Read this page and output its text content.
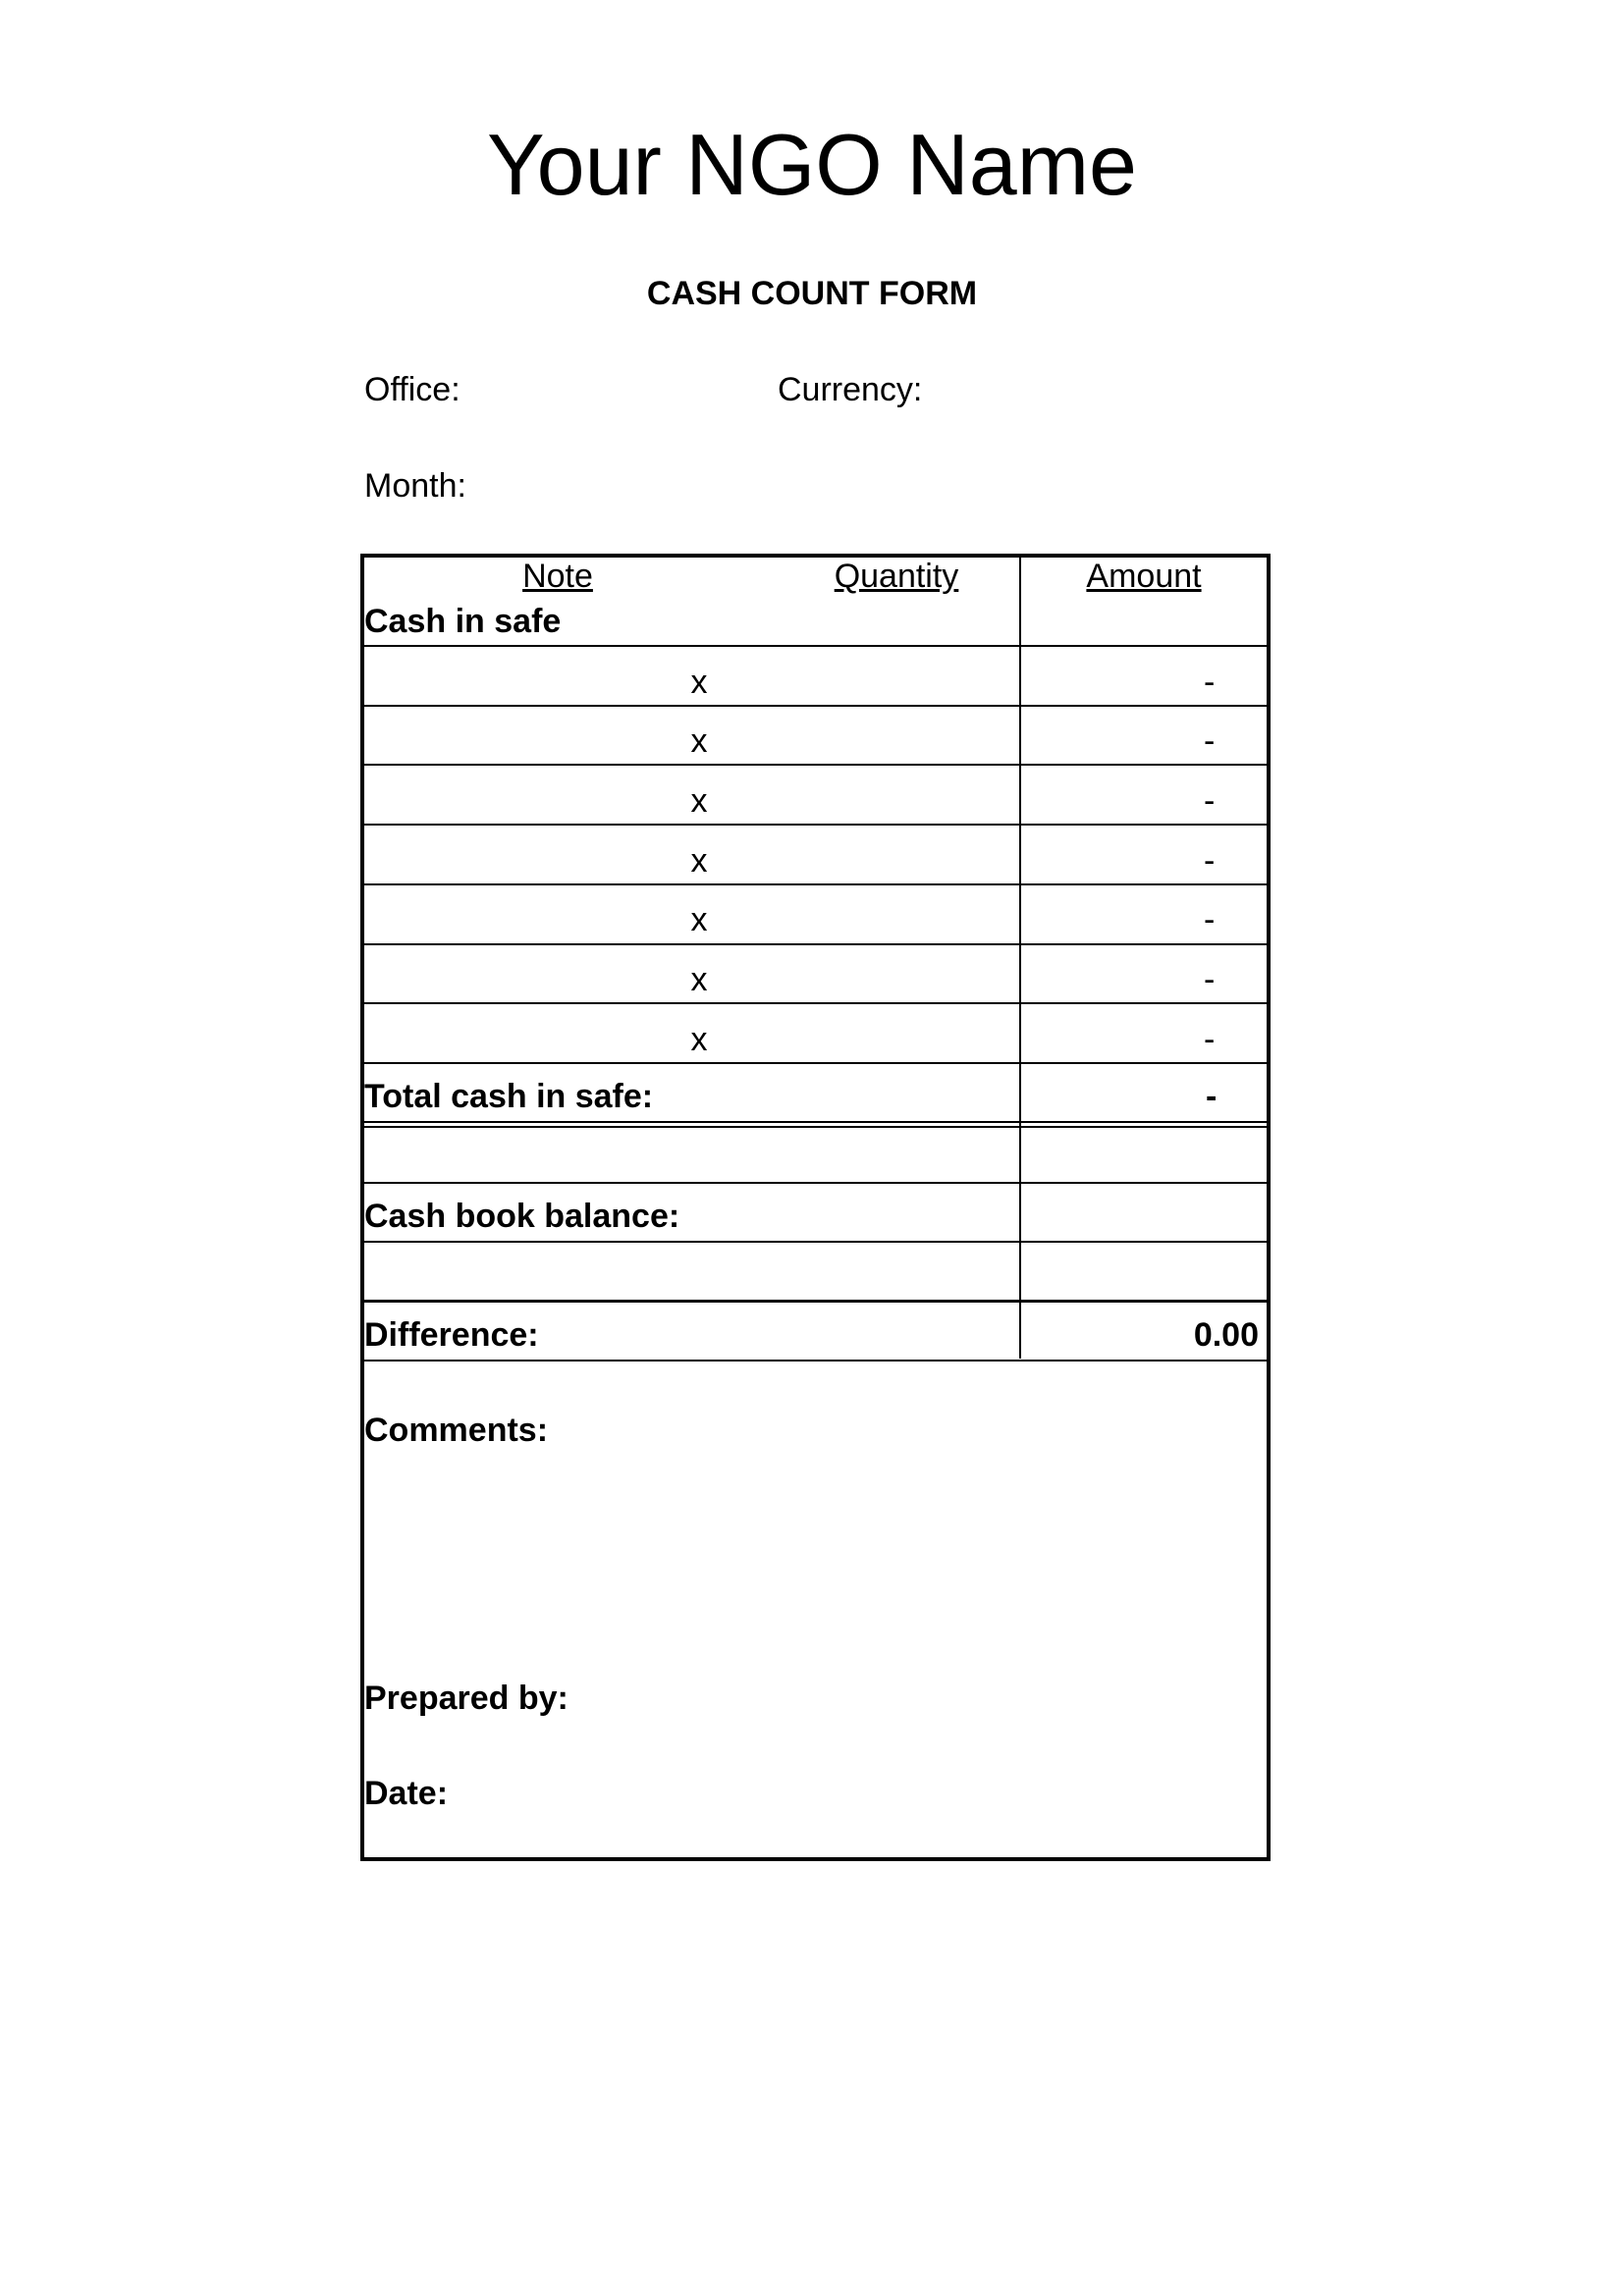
Your NGO Name
CASH COUNT FORM
Office:	Currency:
Month:
Note	Quantity	Amount
Cash in safe
x	-
x	-
x	-
x	-
x	-
x	-
x	-
Total cash in safe:	-
Cash book balance:
Difference:	0.00
Comments:
Prepared by:
Date:
